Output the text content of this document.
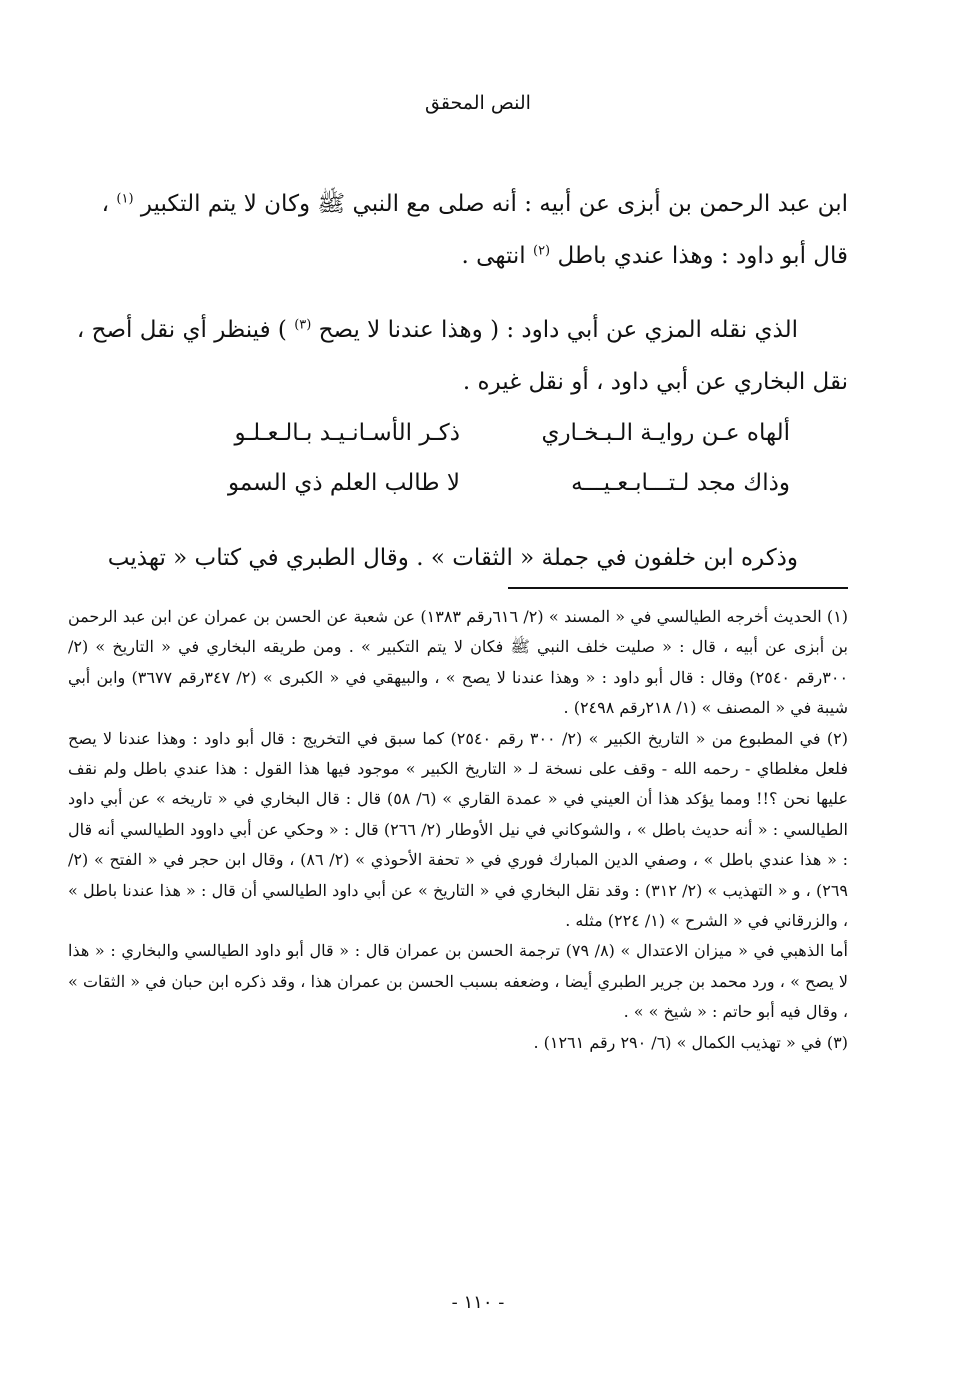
النص المحقق

ابن عبد الرحمن بن أبزى عن أبيه : أنه صلى مع النبي ﷺ وكان لا يتم التكبير $^{(١)}$ ،

قال أبو داود : وهذا عندي باطل $^{(٢)}$ انتهى .

الذي نقله المزي عن أبي داود : ( وهذا عندنا لا يصح $^{(٣)}$ ) فينظر أي نقل أصح ،

نقل البخاري عن أبي داود ، أو نقل غيره .

ألهاه عـن روايـة الـبـخـاري
ذكـر الأسـانـيـد بـالـعـلـو
وذاك مجد لـتـــابـعـيـــه
لا طالب العلم ذي السمو

وذكره ابن خلفون في جملة « الثقات » . وقال الطبري في كتاب « تهذيب

(١) الحديث أخرجه الطيالسي في « المسند » (٢/ ٦١٦رقم ١٣٨٣) عن شعبة عن الحسن بن عمران عن ابن عبد الرحمن بن أبزى عن أبيه ، قال : « صليت خلف النبي ﷺ فكان لا يتم التكبير » . ومن طريقه البخاري في « التاريخ » (٢/ ٣٠٠رقم ٢٥٤٠) وقال : قال أبو داود : « وهذا عندنا لا يصح » ، والبيهقي في « الكبرى » (٢/ ٣٤٧رقم ٣٦٧٧) وابن أبي شيبة في « المصنف » (١/ ٢١٨رقم ٢٤٩٨) .

(٢) في المطبوع من « التاريخ الكبير » (٢/ ٣٠٠ رقم ٢٥٤٠) كما سبق في التخريج : قال أبو داود : وهذا عندنا لا يصح فلعل مغلطاي - رحمه الله - وقف على نسخة لـ « التاريخ الكبير » موجود فيها هذا القول : هذا عندي باطل ولم نقف عليها نحن ؟!! ومما يؤكد هذا أن العيني في « عمدة القاري » (٦/ ٥٨) قال : قال البخاري في « تاريخه » عن أبي داود الطيالسي : « أنه حديث باطل » ، والشوكاني في نيل الأوطار (٢/ ٢٦٦) قال : « وحكي عن أبي داوود الطيالسي أنه قال : « هذا عندي باطل » ، وصفي الدين المبارك فوري في « تحفة الأحوذي » (٢/ ٨٦) ، وقال ابن حجر في « الفتح » (٢/ ٢٦٩) ، و « التهذيب » (٢/ ٣١٢) : وقد نقل البخاري في « التاريخ » عن أبي داود الطيالسي أن قال : « هذا عندنا باطل » ، والزرقاني في « الشرح » (١/ ٢٢٤) مثله .

أما الذهبي في « ميزان الاعتدال » (٨/ ٧٩) ترجمة الحسن بن عمران قال : « قال أبو داود الطيالسي والبخاري : « هذا لا يصح » ، ورد محمد بن جرير الطبري أيضا ، وضعفه بسبب الحسن بن عمران هذا ، وقد ذكره ابن حبان في « الثقات » ، وقال فيه أبو حاتم : « شيخ » » .

(٣) في « تهذيب الكمال » (٦/ ٢٩٠ رقم ١٢٦١) .

- ١١٠ -
